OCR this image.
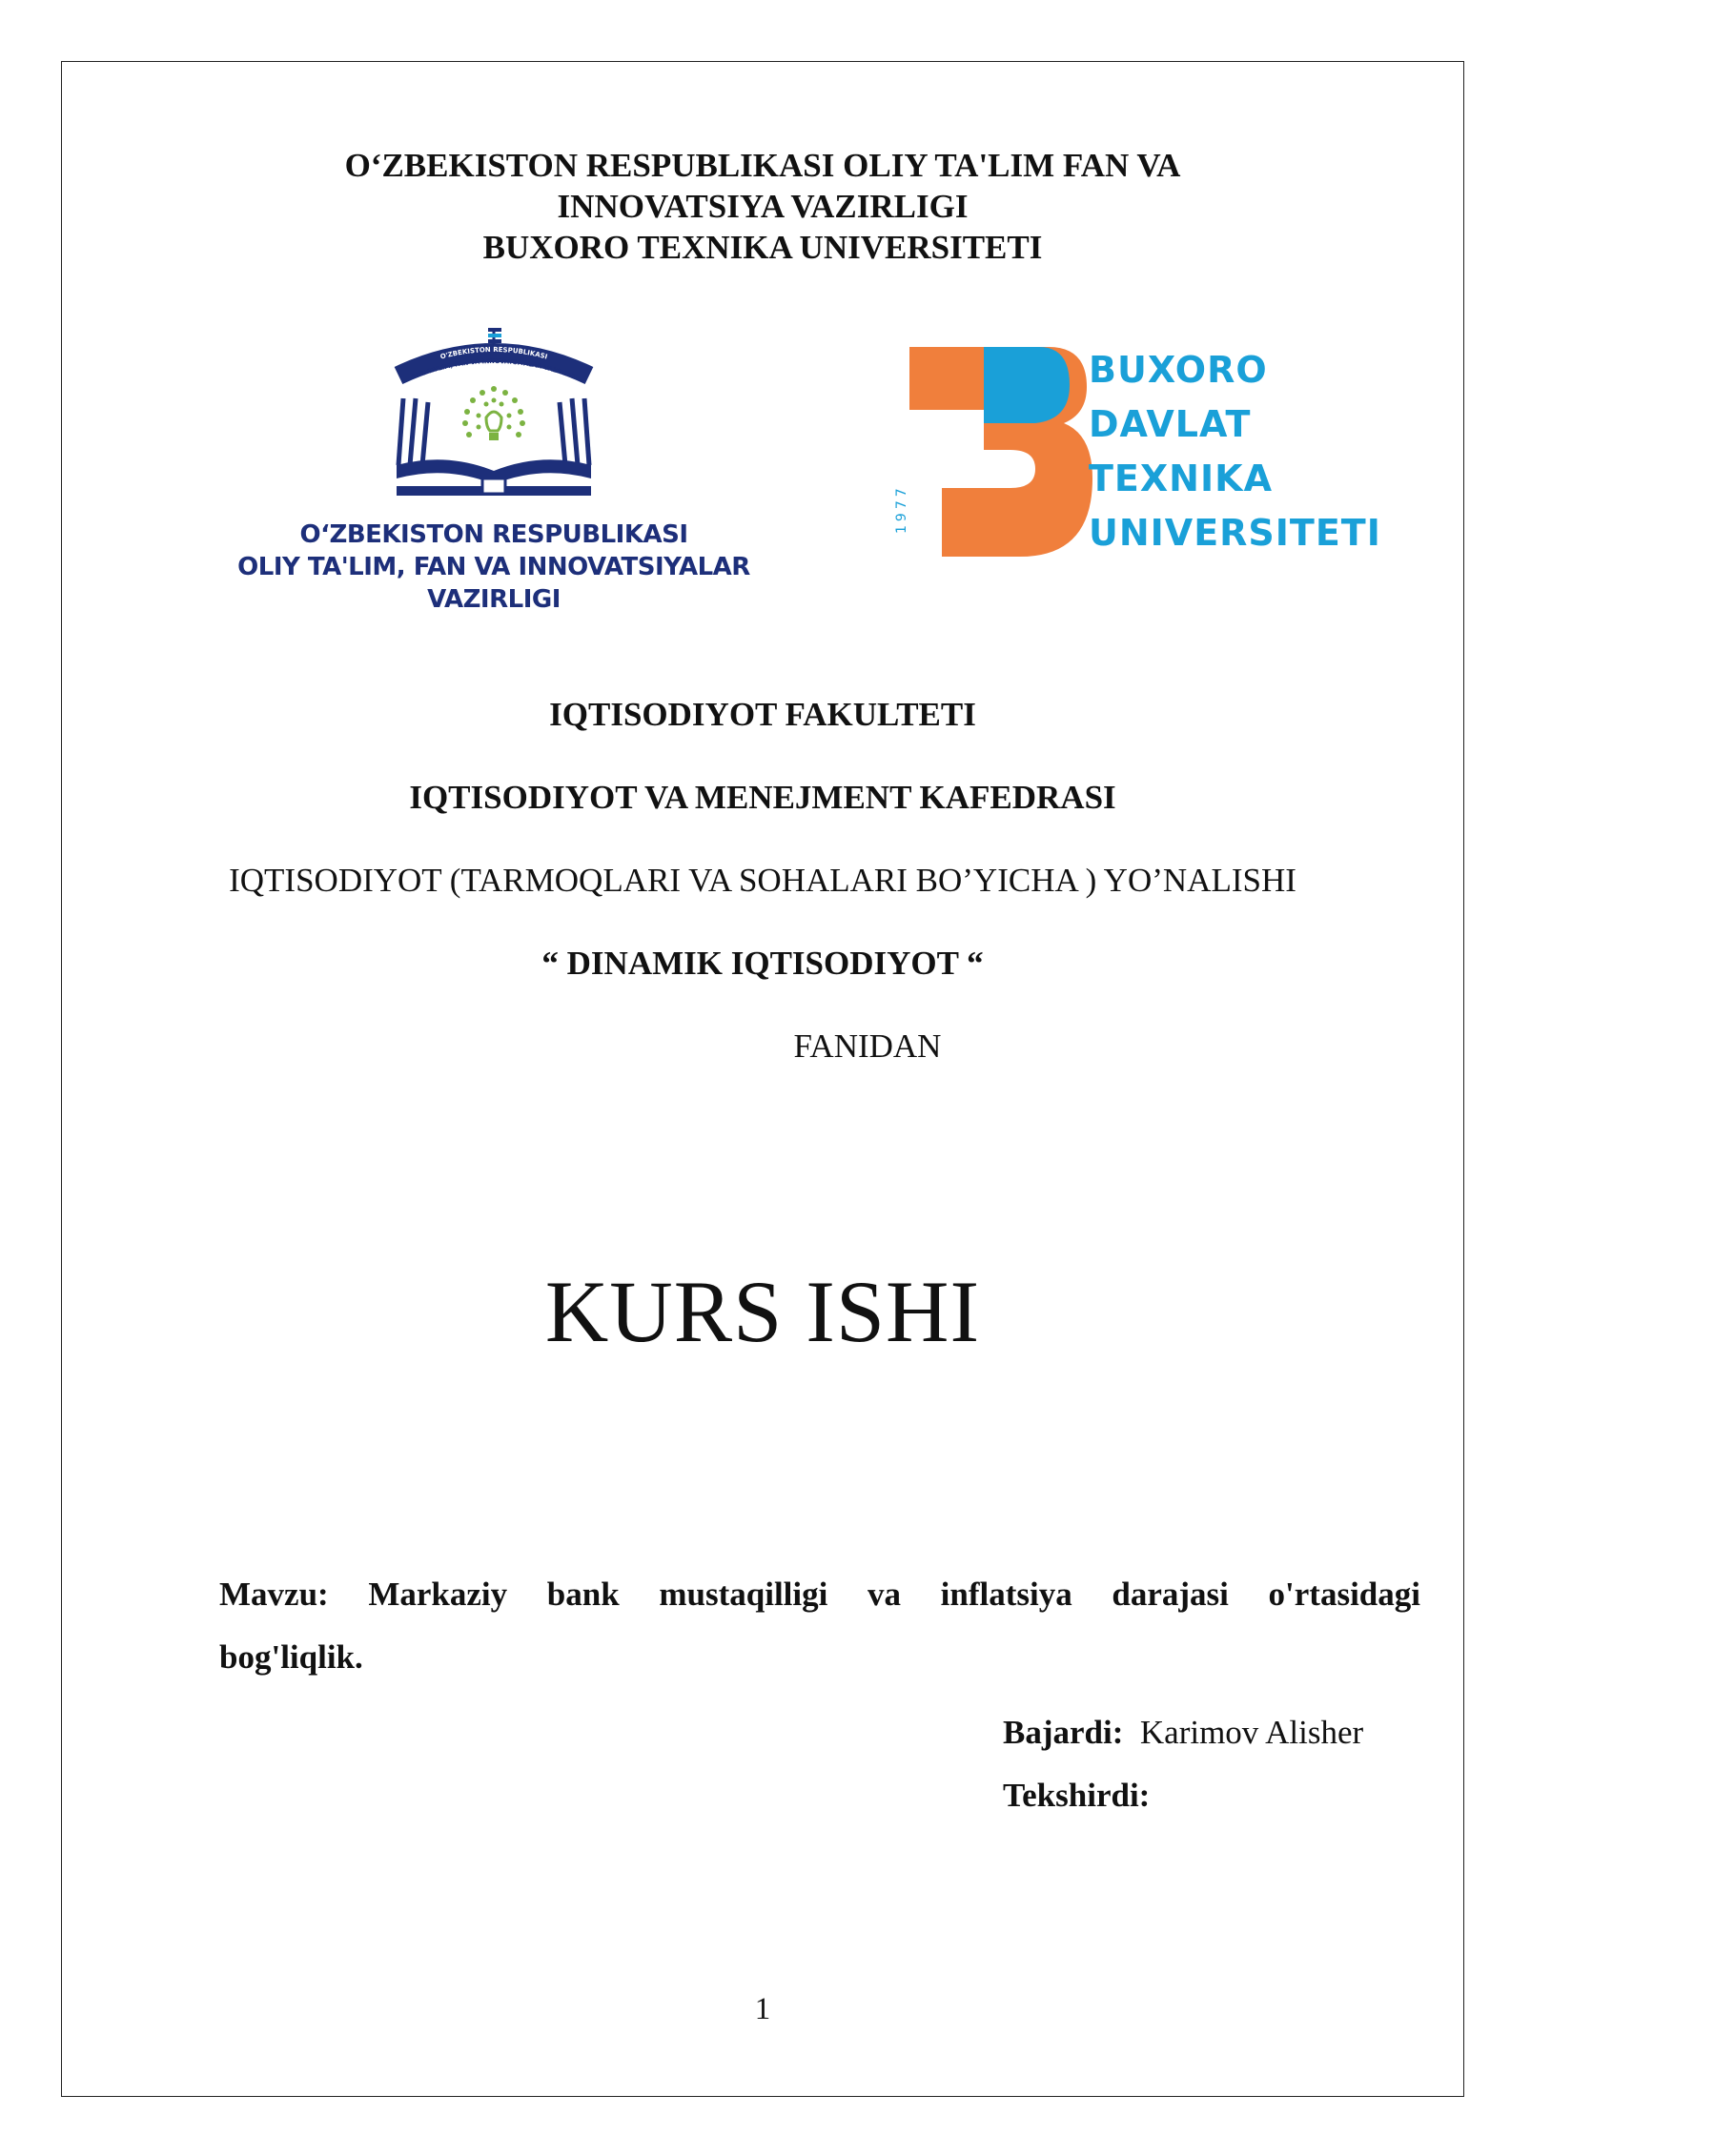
O‘ZBEKISTON RESPUBLIKASI OLIY TA'LIM FAN VA
INNOVATSIYA VAZIRLIGI
BUXORO TEXNIKA UNIVERSITETI
O'ZBEKISTON RESPUBLIKASI
OLIY TA'LIM, FAN VA INNOVATSIYALAR VAZIRLIGI
O‘ZBEKISTON RESPUBLIKASI
OLIY TA'LIM, FAN VA INNOVATSIYALAR
VAZIRLIGI
1977
BUXORO
DAVLAT
TEXNIKA
UNIVERSITETI
IQTISODIYOT FAKULTETI
IQTISODIYOT VA MENEJMENT KAFEDRASI
IQTISODIYOT (TARMOQLARI VA SOHALARI BO’YICHA ) YO’NALISHI
“ DINAMIK IQTISODIYOT “
FANIDAN
KURS ISHI
Mavzu: Markaziy bank mustaqilligi va inflatsiya darajasi o'rtasidagi
bog'liqlik.
Bajardi: Karimov Alisher
Tekshirdi:
1
